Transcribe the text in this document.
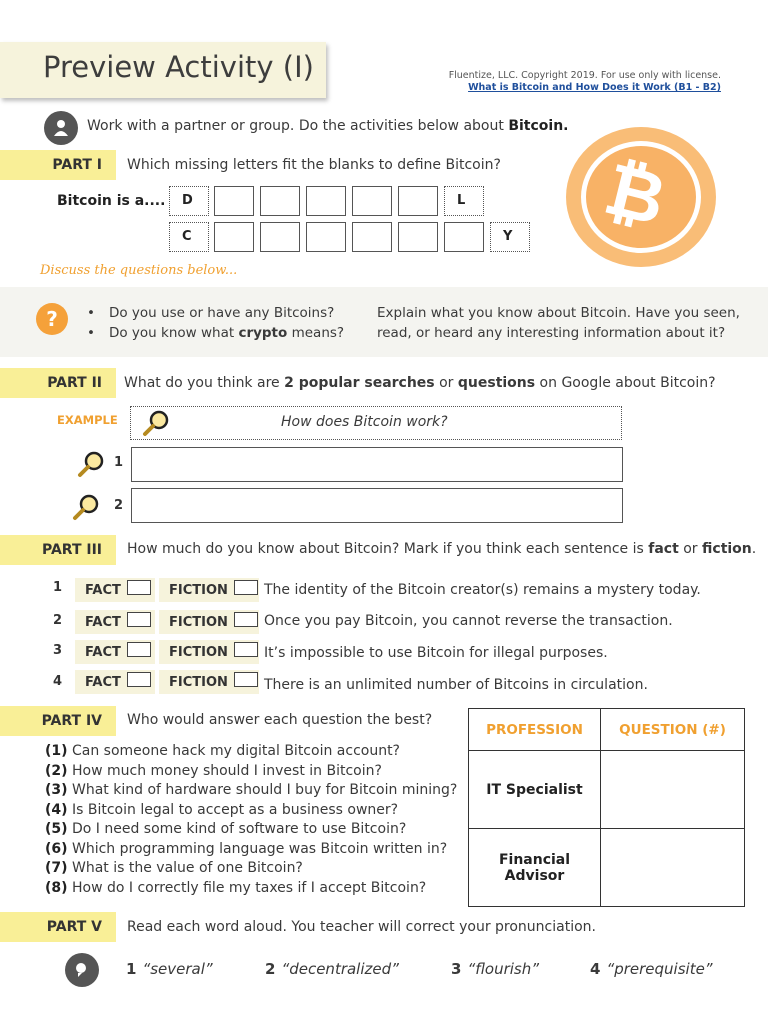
Preview Activity (I)	Fluentize, LLC. Copyright 2019. For use only with license.
What is Bitcoin and How Does it Work (B1 - B2)
Work with a partner or group. Do the activities below about Bitcoin.
PART I	Which missing letters fit the blanks to define Bitcoin? ₿
Bitcoin is a....	D	L
C	Y
Discuss the questions below...
?	• Do you use or have any Bitcoins?
• Do you know what crypto means?
Explain what you know about Bitcoin. Have you seen, read, or heard any interesting information about it?
PART II	What do you think are 2 popular searches or questions on Google about Bitcoin?
EXAMPLE	How does Bitcoin work?
1
2
PART III	How much do you know about Bitcoin? Mark if you think each sentence is fact or fiction.
1 FACT	FICTION	The identity of the Bitcoin creator(s) remains a mystery today.
2 FACT	FICTION	Once you pay Bitcoin, you cannot reverse the transaction.
3 FACT	FICTION	It’s impossible to use Bitcoin for illegal purposes.
4 FACT	FICTION	There is an unlimited number of Bitcoins in circulation.
PART IV	Who would answer each question the best?
(1) Can someone hack my digital Bitcoin account?
(2) How much money should I invest in Bitcoin?
(3) What kind of hardware should I buy for Bitcoin mining?
(4) Is Bitcoin legal to accept as a business owner?
(5) Do I need some kind of software to use Bitcoin?
(6) Which programming language was Bitcoin written in?
(7) What is the value of one Bitcoin?
(8) How do I correctly file my taxes if I accept Bitcoin?
PROFESSION	QUESTION (#)
IT Specialist	
Financial Advisor	
PART V	Read each word aloud. You teacher will correct your pronunciation.
1 “several”	2 “decentralized”	3 “flourish”	4 “prerequisite”
